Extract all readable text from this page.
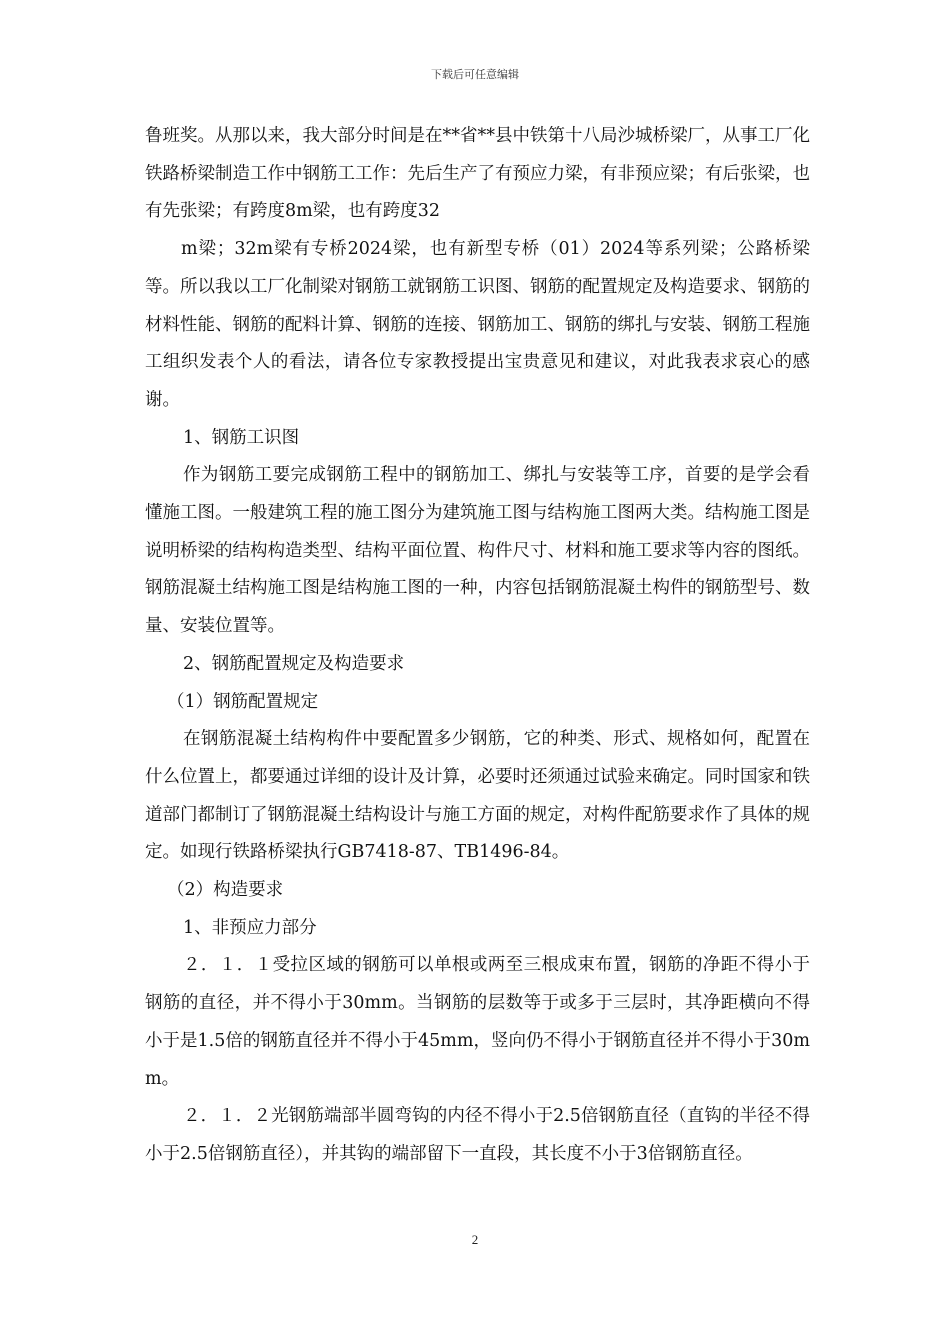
下载后可任意编辑

鲁班奖。从那以来，我大部分时间是在**省**县中铁第十八局沙城桥梁厂，从事工厂化铁路桥梁制造工作中钢筋工工作：先后生产了有预应力梁，有非预应梁；有后张梁，也有先张梁；有跨度8m梁，也有跨度32

m梁；32m梁有专桥2024梁，也有新型专桥（01）2024等系列梁；公路桥梁等。所以我以工厂化制梁对钢筋工就钢筋工识图、钢筋的配置规定及构造要求、钢筋的材料性能、钢筋的配料计算、钢筋的连接、钢筋加工、钢筋的绑扎与安装、钢筋工程施工组织发表个人的看法，请各位专家教授提出宝贵意见和建议，对此我表求哀心的感谢。

1、钢筋工识图

作为钢筋工要完成钢筋工程中的钢筋加工、绑扎与安装等工序，首要的是学会看懂施工图。一般建筑工程的施工图分为建筑施工图与结构施工图两大类。结构施工图是说明桥梁的结构构造类型、结构平面位置、构件尺寸、材料和施工要求等内容的图纸。钢筋混凝土结构施工图是结构施工图的一种，内容包括钢筋混凝土构件的钢筋型号、数量、安装位置等。

2、钢筋配置规定及构造要求

（1）钢筋配置规定

在钢筋混凝土结构构件中要配置多少钢筋，它的种类、形式、规格如何，配置在什么位置上，都要通过详细的设计及计算，必要时还须通过试验来确定。同时国家和铁道部门都制订了钢筋混凝土结构设计与施工方面的规定，对构件配筋要求作了具体的规定。如现行铁路桥梁执行GB7418-87、TB1496-84。

（2）构造要求

1、非预应力部分

２．１．１受拉区域的钢筋可以单根或两至三根成束布置，钢筋的净距不得小于钢筋的直径，并不得小于30mm。当钢筋的层数等于或多于三层时，其净距横向不得小于是1.5倍的钢筋直径并不得小于45mm，竖向仍不得小于钢筋直径并不得小于30mm。

２．１．２光钢筋端部半圆弯钩的内径不得小于2.5倍钢筋直径（直钩的半径不得小于2.5倍钢筋直径），并其钩的端部留下一直段，其长度不小于3倍钢筋直径。

2
